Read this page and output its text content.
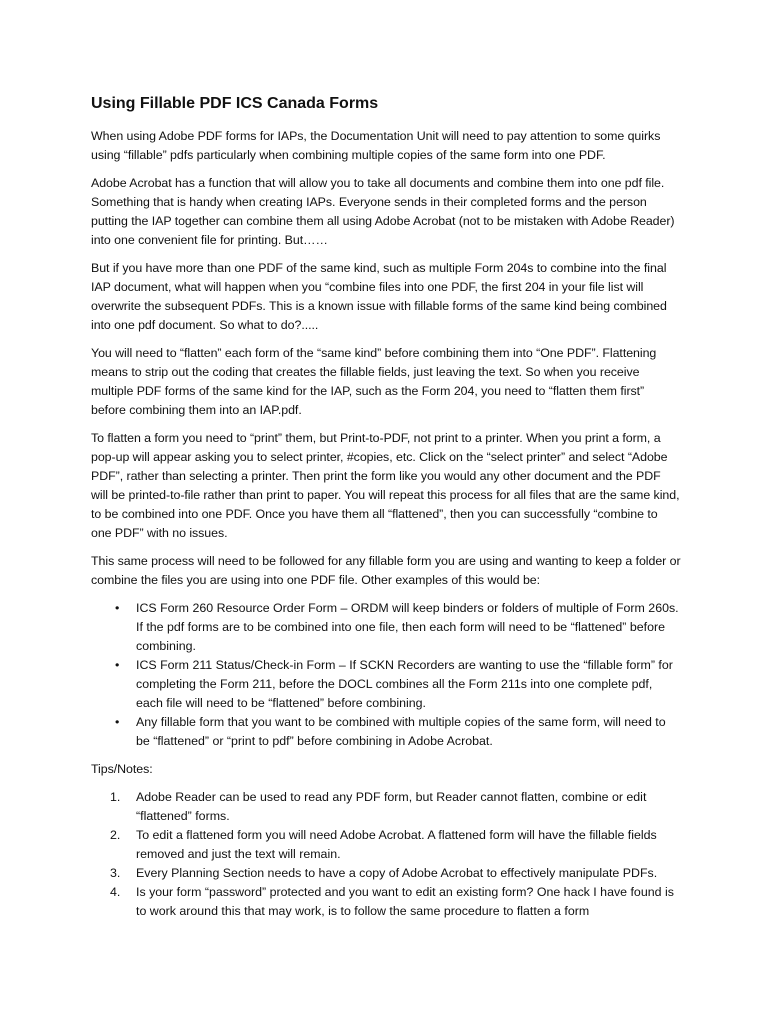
Using Fillable PDF ICS Canada Forms

When using Adobe PDF forms for IAPs, the Documentation Unit will need to pay attention to some quirks using “fillable” pdfs particularly when combining multiple copies of the same form into one PDF.

Adobe Acrobat has a function that will allow you to take all documents and combine them into one pdf file. Something that is handy when creating IAPs. Everyone sends in their completed forms and the person putting the IAP together can combine them all using Adobe Acrobat (not to be mistaken with Adobe Reader) into one convenient file for printing. But……

But if you have more than one PDF of the same kind, such as multiple Form 204s to combine into the final IAP document, what will happen when you “combine files into one PDF, the first 204 in your file list will overwrite the subsequent PDFs. This is a known issue with fillable forms of the same kind being combined into one pdf document. So what to do?.....

You will need to “flatten” each form of the “same kind” before combining them into “One PDF”. Flattening means to strip out the coding that creates the fillable fields, just leaving the text. So when you receive multiple PDF forms of the same kind for the IAP, such as the Form 204, you need to “flatten them first” before combining them into an IAP.pdf.

To flatten a form you need to “print” them, but Print-to-PDF, not print to a printer. When you print a form, a pop-up will appear asking you to select printer, #copies, etc. Click on the “select printer” and select “Adobe PDF”, rather than selecting a printer. Then print the form like you would any other document and the PDF will be printed-to-file rather than print to paper. You will repeat this process for all files that are the same kind, to be combined into one PDF. Once you have them all “flattened”, then you can successfully “combine to one PDF” with no issues.

This same process will need to be followed for any fillable form you are using and wanting to keep a folder or combine the files you are using into one PDF file. Other examples of this would be:

• ICS Form 260 Resource Order Form – ORDM will keep binders or folders of multiple of Form 260s. If the pdf forms are to be combined into one file, then each form will need to be “flattened” before combining.
• ICS Form 211 Status/Check-in Form – If SCKN Recorders are wanting to use the “fillable form” for completing the Form 211, before the DOCL combines all the Form 211s into one complete pdf, each file will need to be “flattened” before combining.
• Any fillable form that you want to be combined with multiple copies of the same form, will need to be “flattened” or “print to pdf” before combining in Adobe Acrobat.

Tips/Notes:

1. Adobe Reader can be used to read any PDF form, but Reader cannot flatten, combine or edit “flattened” forms.
2. To edit a flattened form you will need Adobe Acrobat. A flattened form will have the fillable fields removed and just the text will remain.
3. Every Planning Section needs to have a copy of Adobe Acrobat to effectively manipulate PDFs.
4. Is your form “password” protected and you want to edit an existing form? One hack I have found is to work around this that may work, is to follow the same procedure to flatten a form
